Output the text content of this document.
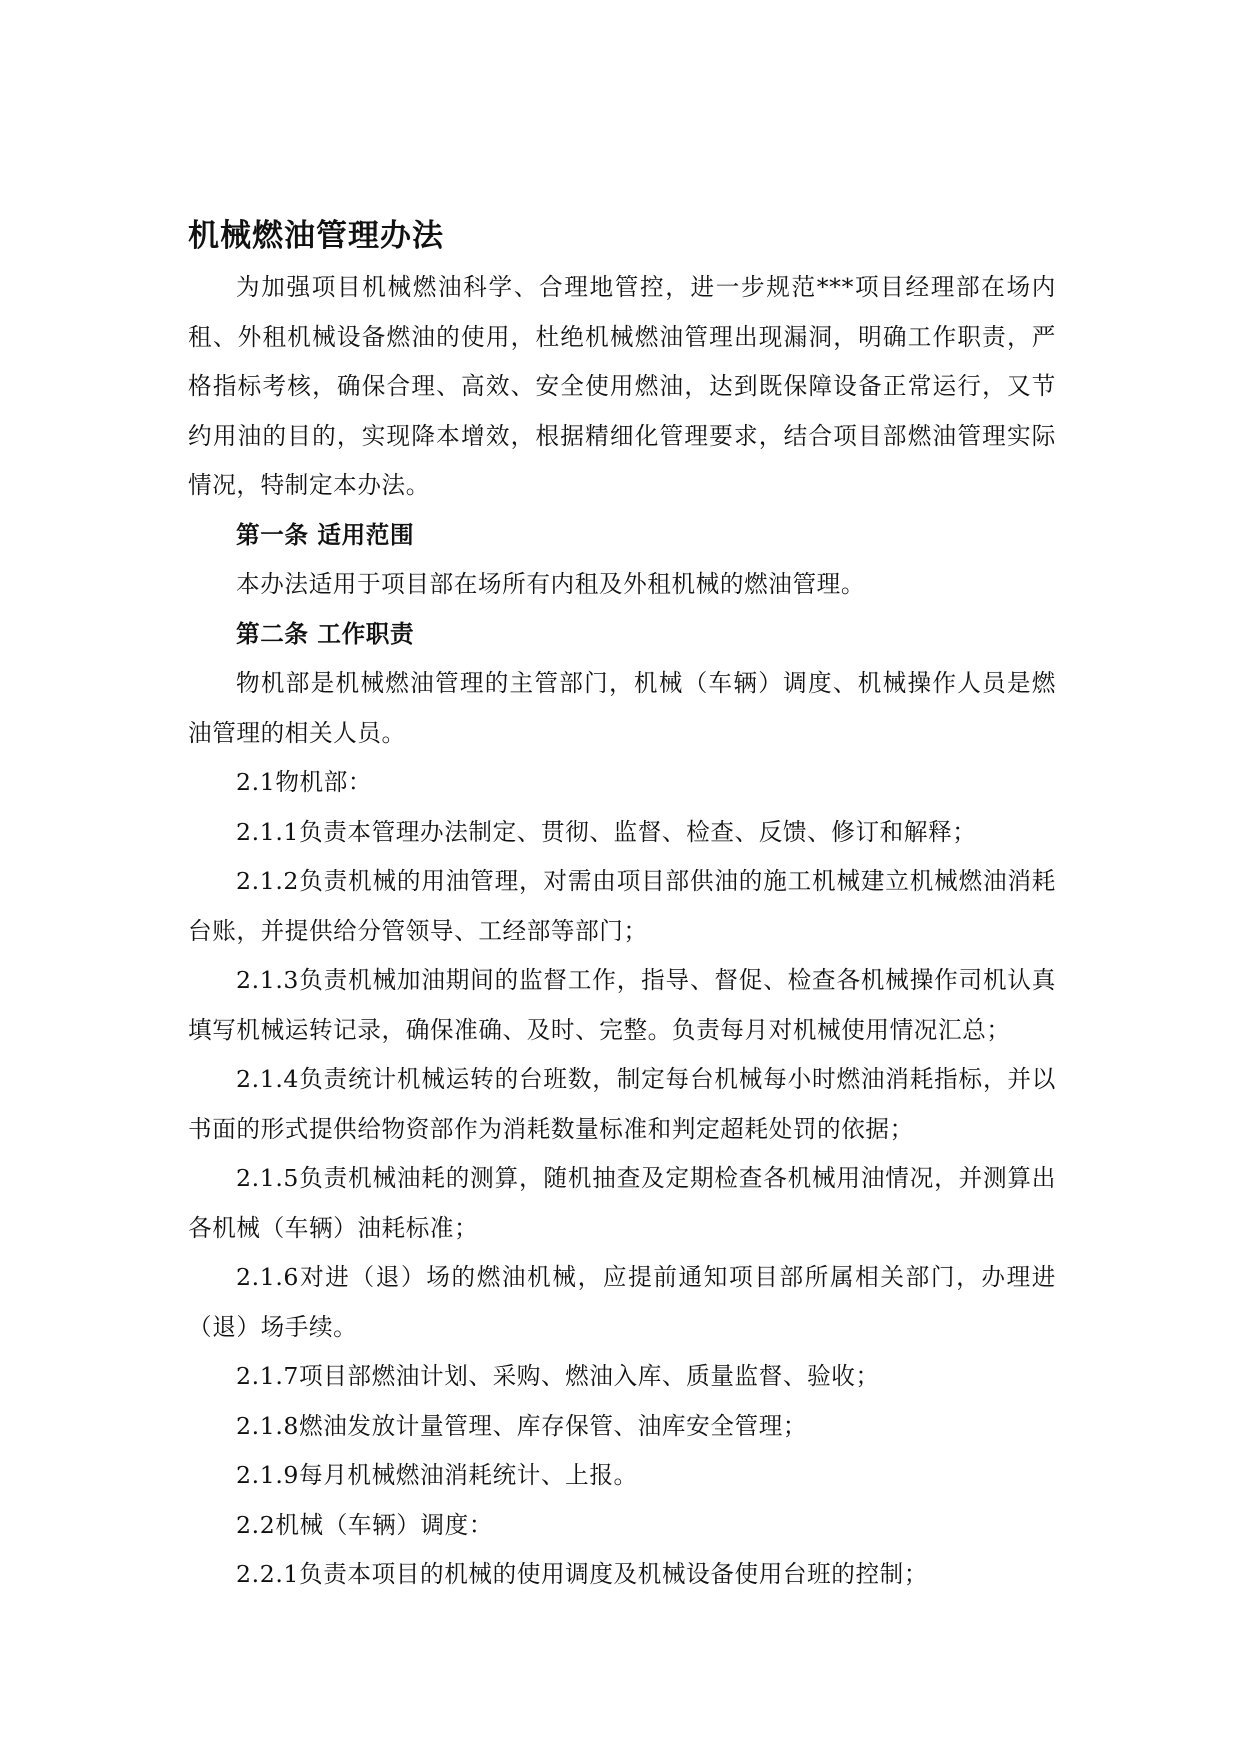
机械燃油管理办法

为加强项目机械燃油科学、合理地管控，进一步规范***项目经理部在场内租、外租机械设备燃油的使用，杜绝机械燃油管理出现漏洞，明确工作职责，严格指标考核，确保合理、高效、安全使用燃油，达到既保障设备正常运行，又节约用油的目的，实现降本增效，根据精细化管理要求，结合项目部燃油管理实际情况，特制定本办法。

第一条 适用范围

本办法适用于项目部在场所有内租及外租机械的燃油管理。

第二条 工作职责

物机部是机械燃油管理的主管部门，机械（车辆）调度、机械操作人员是燃油管理的相关人员。

2.1物机部：

2.1.1负责本管理办法制定、贯彻、监督、检查、反馈、修订和解释；

2.1.2负责机械的用油管理，对需由项目部供油的施工机械建立机械燃油消耗台账，并提供给分管领导、工经部等部门；

2.1.3负责机械加油期间的监督工作，指导、督促、检查各机械操作司机认真填写机械运转记录，确保准确、及时、完整。负责每月对机械使用情况汇总；

2.1.4负责统计机械运转的台班数，制定每台机械每小时燃油消耗指标，并以书面的形式提供给物资部作为消耗数量标准和判定超耗处罚的依据；

2.1.5负责机械油耗的测算，随机抽查及定期检查各机械用油情况，并测算出各机械（车辆）油耗标准；

2.1.6对进（退）场的燃油机械，应提前通知项目部所属相关部门，办理进（退）场手续。

2.1.7项目部燃油计划、采购、燃油入库、质量监督、验收；

2.1.8燃油发放计量管理、库存保管、油库安全管理；

2.1.9每月机械燃油消耗统计、上报。

2.2机械（车辆）调度：

2.2.1负责本项目的机械的使用调度及机械设备使用台班的控制；
